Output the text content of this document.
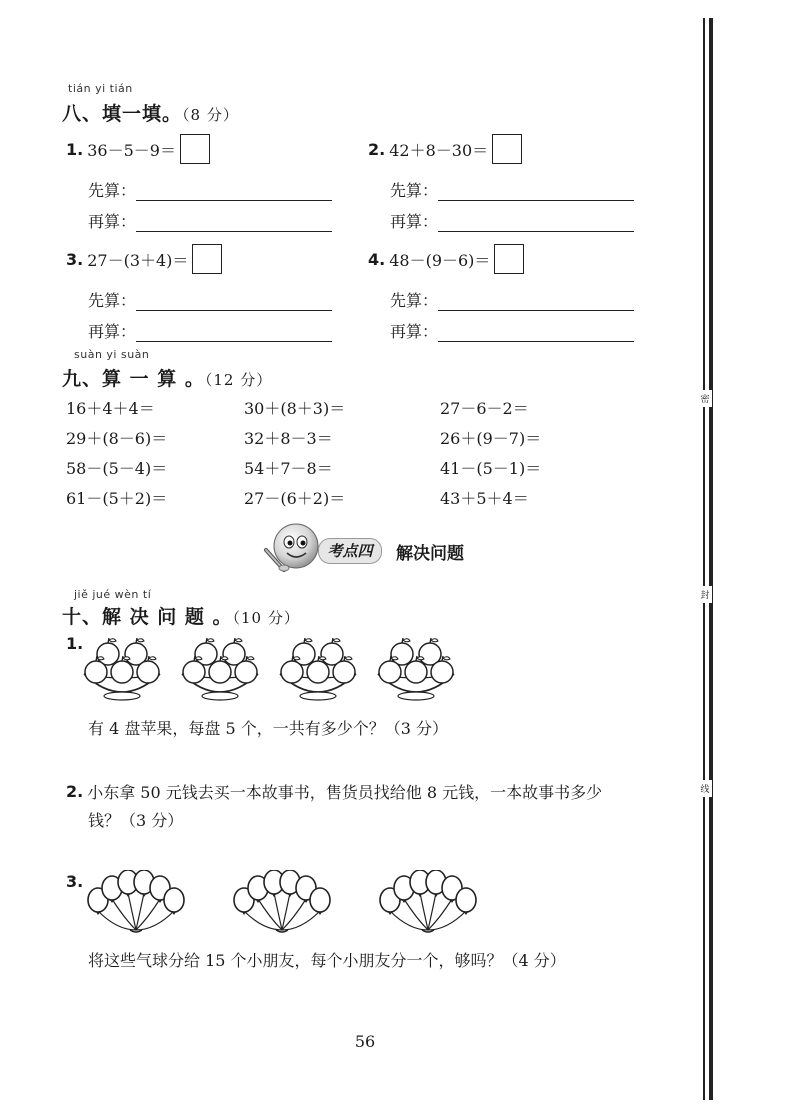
tián yi tián
八、填一填。（8 分）
1. 36－5－9＝	2. 42＋8－30＝
先算：
再算：
先算：
再算：
3. 27－(3＋4)＝	4. 48－(9－6)＝
先算：
再算：
先算：
再算：
suàn yi suàn
九、算 一 算 。（12 分）
16＋4＋4＝	30＋(8＋3)＝	27－6－2＝
29＋(8－6)＝	32＋8－3＝	26＋(9－7)＝
58－(5－4)＝	54＋7－8＝	41－(5－1)＝
61－(5＋2)＝	27－(6＋2)＝	43＋5＋4＝
考点四	解决问题
jiě jué wèn tí
十、解 决 问 题 。（10 分）
1.
有 4 盘苹果，每盘 5 个，一共有多少个？（3 分）
2. 小东拿 50 元钱去买一本故事书，售货员找给他 8 元钱，一本故事书多少
钱？（3 分）
3.
将这些气球分给 15 个小朋友，每个小朋友分一个，够吗？（4 分）
56
密
封
线
